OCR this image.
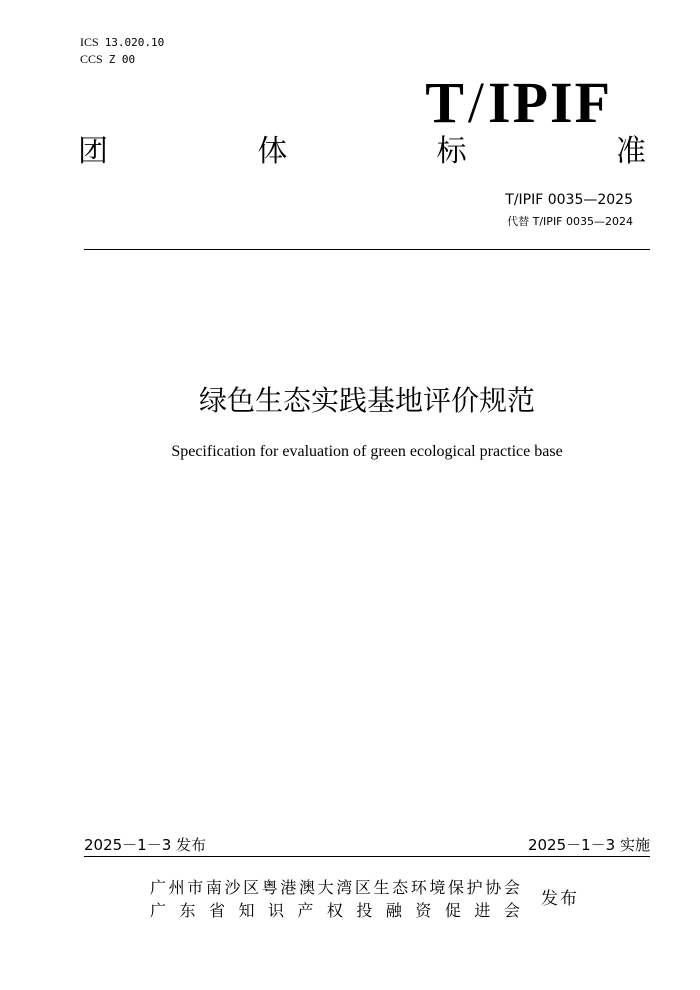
ICS 13.020.10
CCS Z 00
T/IPIF
团	体	标	准
T/IPIF 0035—2025
代替 T/IPIF 0035—2024
绿色生态实践基地评价规范
Specification for evaluation of green ecological practice base
2025－1－3 发布	2025－1－3 实施
广 州 市 南 沙 区 粤 港 澳 大 湾 区 生 态 环 境 保 护 协 会
广 东 省 知 识 产 权 投 融 资 促 进 会
发布
